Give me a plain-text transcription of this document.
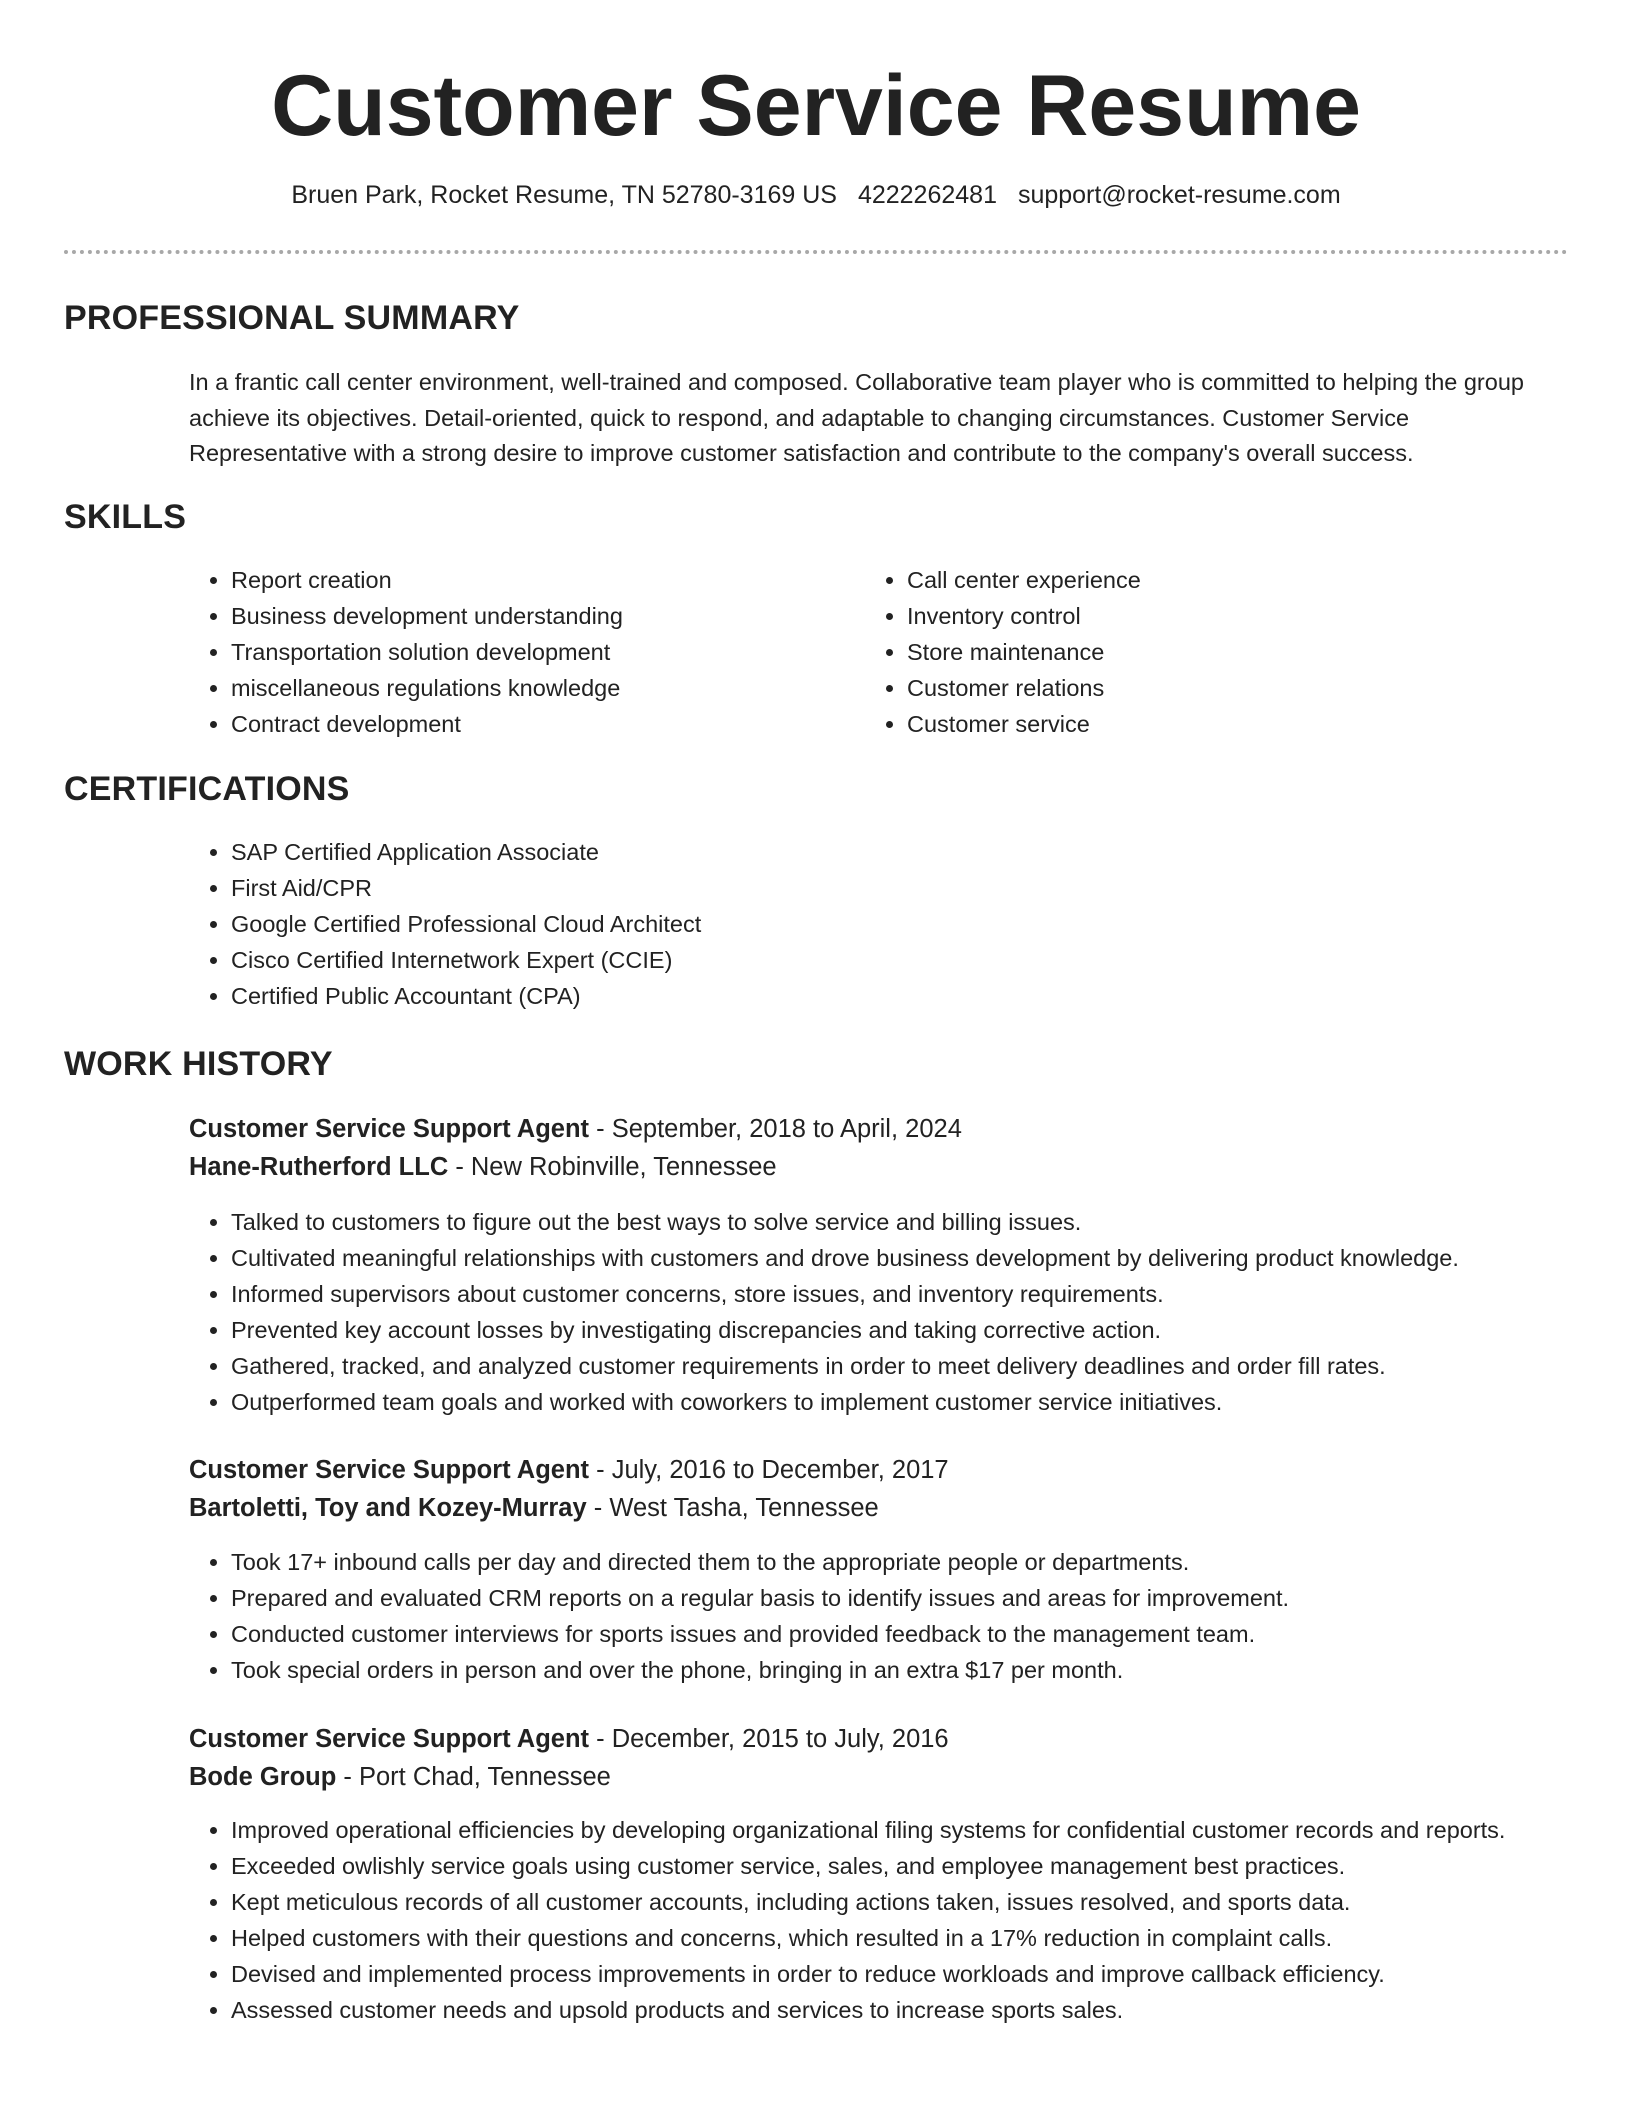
Customer Service Resume
Bruen Park, Rocket Resume, TN 52780-3169 US 4222262481 support@rocket-resume.com
PROFESSIONAL SUMMARY

In a frantic call center environment, well-trained and composed. Collaborative team player who is committed to helping the group achieve its objectives. Detail-oriented, quick to respond, and adaptable to changing circumstances. Customer Service Representative with a strong desire to improve customer satisfaction and contribute to the company's overall success.

SKILLS
• Report creation
• Business development understanding
• Transportation solution development
• miscellaneous regulations knowledge
• Contract development
• Call center experience
• Inventory control
• Store maintenance
• Customer relations
• Customer service
CERTIFICATIONS
• SAP Certified Application Associate
• First Aid/CPR
• Google Certified Professional Cloud Architect
• Cisco Certified Internetwork Expert (CCIE)
• Certified Public Accountant (CPA)
WORK HISTORY
Customer Service Support Agent - September, 2018 to April, 2024
Hane-Rutherford LLC - New Robinville, Tennessee
• Talked to customers to figure out the best ways to solve service and billing issues.
• Cultivated meaningful relationships with customers and drove business development by delivering product knowledge.
• Informed supervisors about customer concerns, store issues, and inventory requirements.
• Prevented key account losses by investigating discrepancies and taking corrective action.
• Gathered, tracked, and analyzed customer requirements in order to meet delivery deadlines and order fill rates.
• Outperformed team goals and worked with coworkers to implement customer service initiatives.
Customer Service Support Agent - July, 2016 to December, 2017
Bartoletti, Toy and Kozey-Murray - West Tasha, Tennessee
• Took 17+ inbound calls per day and directed them to the appropriate people or departments.
• Prepared and evaluated CRM reports on a regular basis to identify issues and areas for improvement.
• Conducted customer interviews for sports issues and provided feedback to the management team.
• Took special orders in person and over the phone, bringing in an extra $17 per month.
Customer Service Support Agent - December, 2015 to July, 2016
Bode Group - Port Chad, Tennessee
• Improved operational efficiencies by developing organizational filing systems for confidential customer records and reports.
• Exceeded owlishly service goals using customer service, sales, and employee management best practices.
• Kept meticulous records of all customer accounts, including actions taken, issues resolved, and sports data.
• Helped customers with their questions and concerns, which resulted in a 17% reduction in complaint calls.
• Devised and implemented process improvements in order to reduce workloads and improve callback efficiency.
• Assessed customer needs and upsold products and services to increase sports sales.
